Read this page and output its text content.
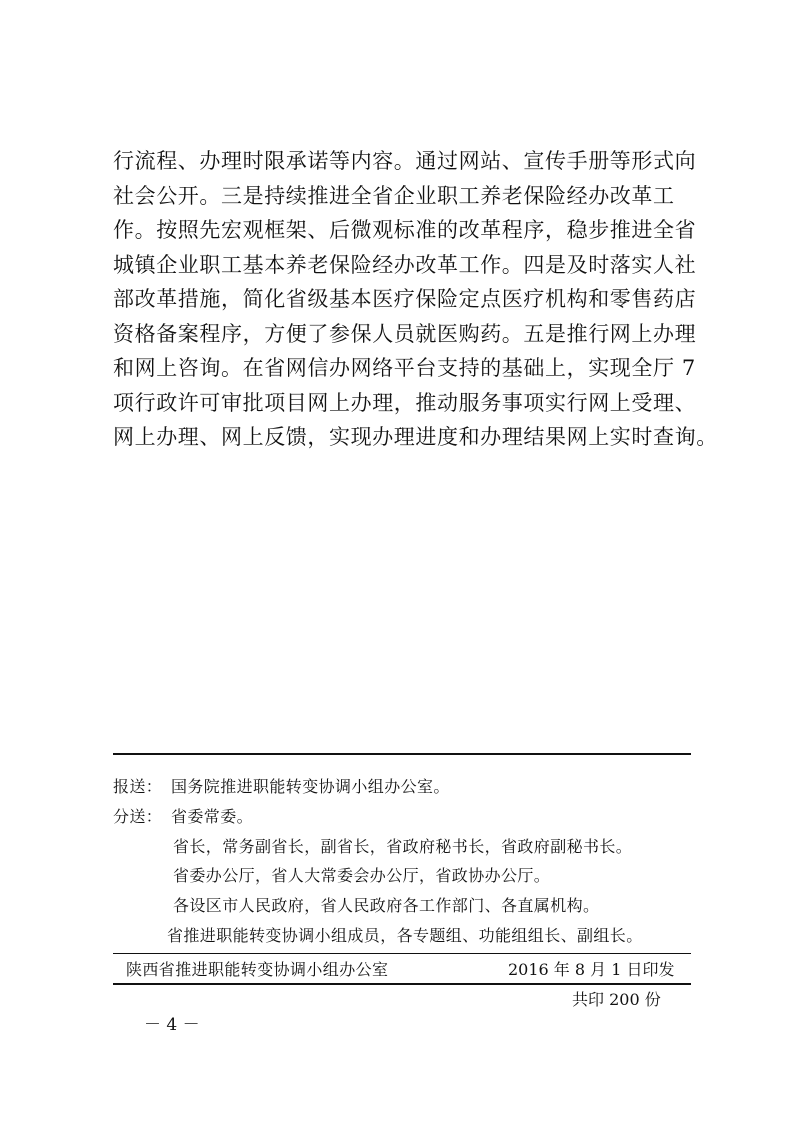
行流程、办理时限承诺等内容。通过网站、宣传手册等形式向
社会公开。三是持续推进全省企业职工养老保险经办改革工
作。按照先宏观框架、后微观标准的改革程序，稳步推进全省
城镇企业职工基本养老保险经办改革工作。四是及时落实人社
部改革措施，简化省级基本医疗保险定点医疗机构和零售药店
资格备案程序，方便了参保人员就医购药。五是推行网上办理
和网上咨询。在省网信办网络平台支持的基础上，实现全厅 7
项行政许可审批项目网上办理，推动服务事项实行网上受理、
网上办理、网上反馈，实现办理进度和办理结果网上实时查询。
报送： 国务院推进职能转变协调小组办公室。
分送： 省委常委。
省长，常务副省长，副省长，省政府秘书长，省政府副秘书长。
省委办公厅，省人大常委会办公厅，省政协办公厅。
各设区市人民政府，省人民政府各工作部门、各直属机构。
省推进职能转变协调小组成员，各专题组、功能组组长、副组长。
陕西省推进职能转变协调小组办公室	2016 年 8 月 1 日印发
共印 200 份
－ 4 －
